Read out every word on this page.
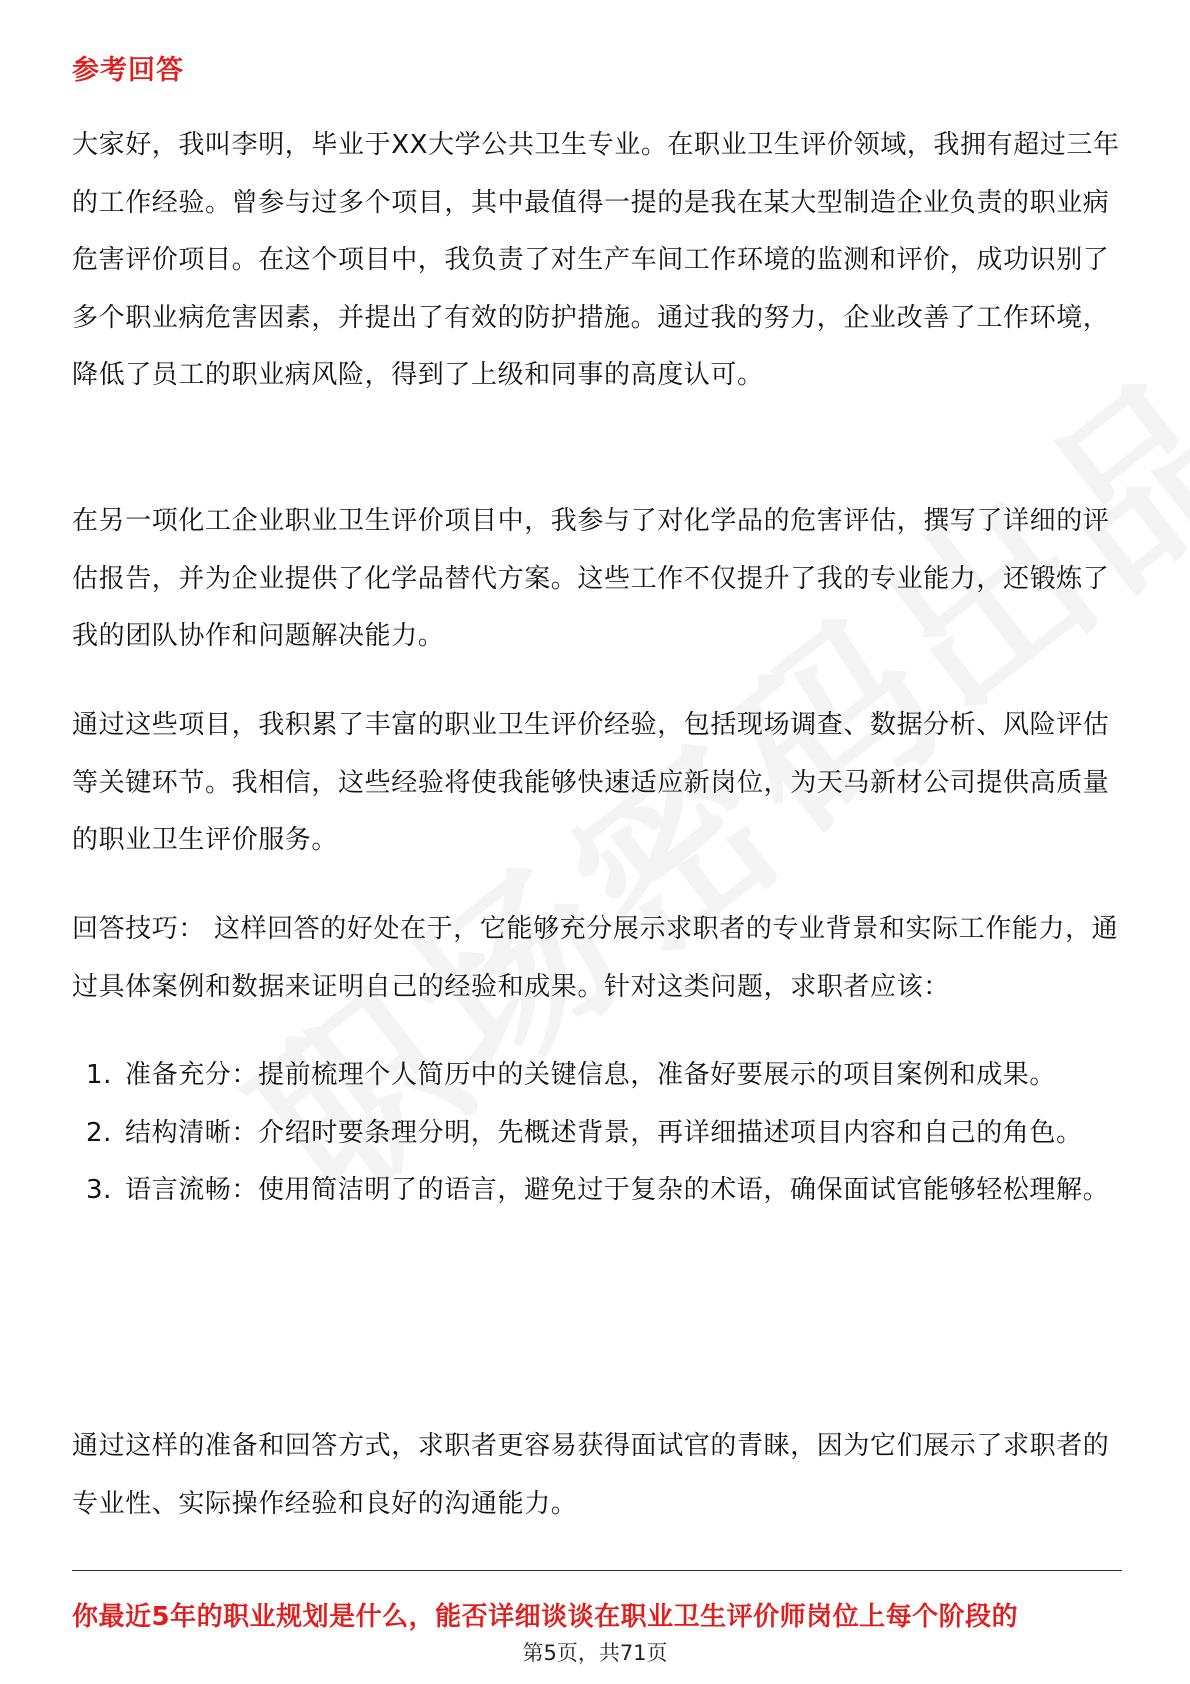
参考回答

大家好，我叫李明，毕业于XX大学公共卫生专业。在职业卫生评价领域，我拥有超过三年的工作经验。曾参与过多个项目，其中最值得一提的是我在某大型制造企业负责的职业病危害评价项目。在这个项目中，我负责了对生产车间工作环境的监测和评价，成功识别了多个职业病危害因素，并提出了有效的防护措施。通过我的努力，企业改善了工作环境，降低了员工的职业病风险，得到了上级和同事的高度认可。

在另一项化工企业职业卫生评价项目中，我参与了对化学品的危害评估，撰写了详细的评估报告，并为企业提供了化学品替代方案。这些工作不仅提升了我的专业能力，还锻炼了我的团队协作和问题解决能力。

通过这些项目，我积累了丰富的职业卫生评价经验，包括现场调查、数据分析、风险评估等关键环节。我相信，这些经验将使我能够快速适应新岗位，为天马新材公司提供高质量的职业卫生评价服务。

回答技巧： 这样回答的好处在于，它能够充分展示求职者的专业背景和实际工作能力，通过具体案例和数据来证明自己的经验和成果。针对这类问题，求职者应该：

1. 准备充分：提前梳理个人简历中的关键信息，准备好要展示的项目案例和成果。
2. 结构清晰：介绍时要条理分明，先概述背景，再详细描述项目内容和自己的角色。
3. 语言流畅：使用简洁明了的语言，避免过于复杂的术语，确保面试官能够轻松理解。

通过这样的准备和回答方式，求职者更容易获得面试官的青睐，因为它们展示了求职者的专业性、实际操作经验和良好的沟通能力。

你最近5年的职业规划是什么，能否详细谈谈在职业卫生评价师岗位上每个阶段的
第5页，共71页
